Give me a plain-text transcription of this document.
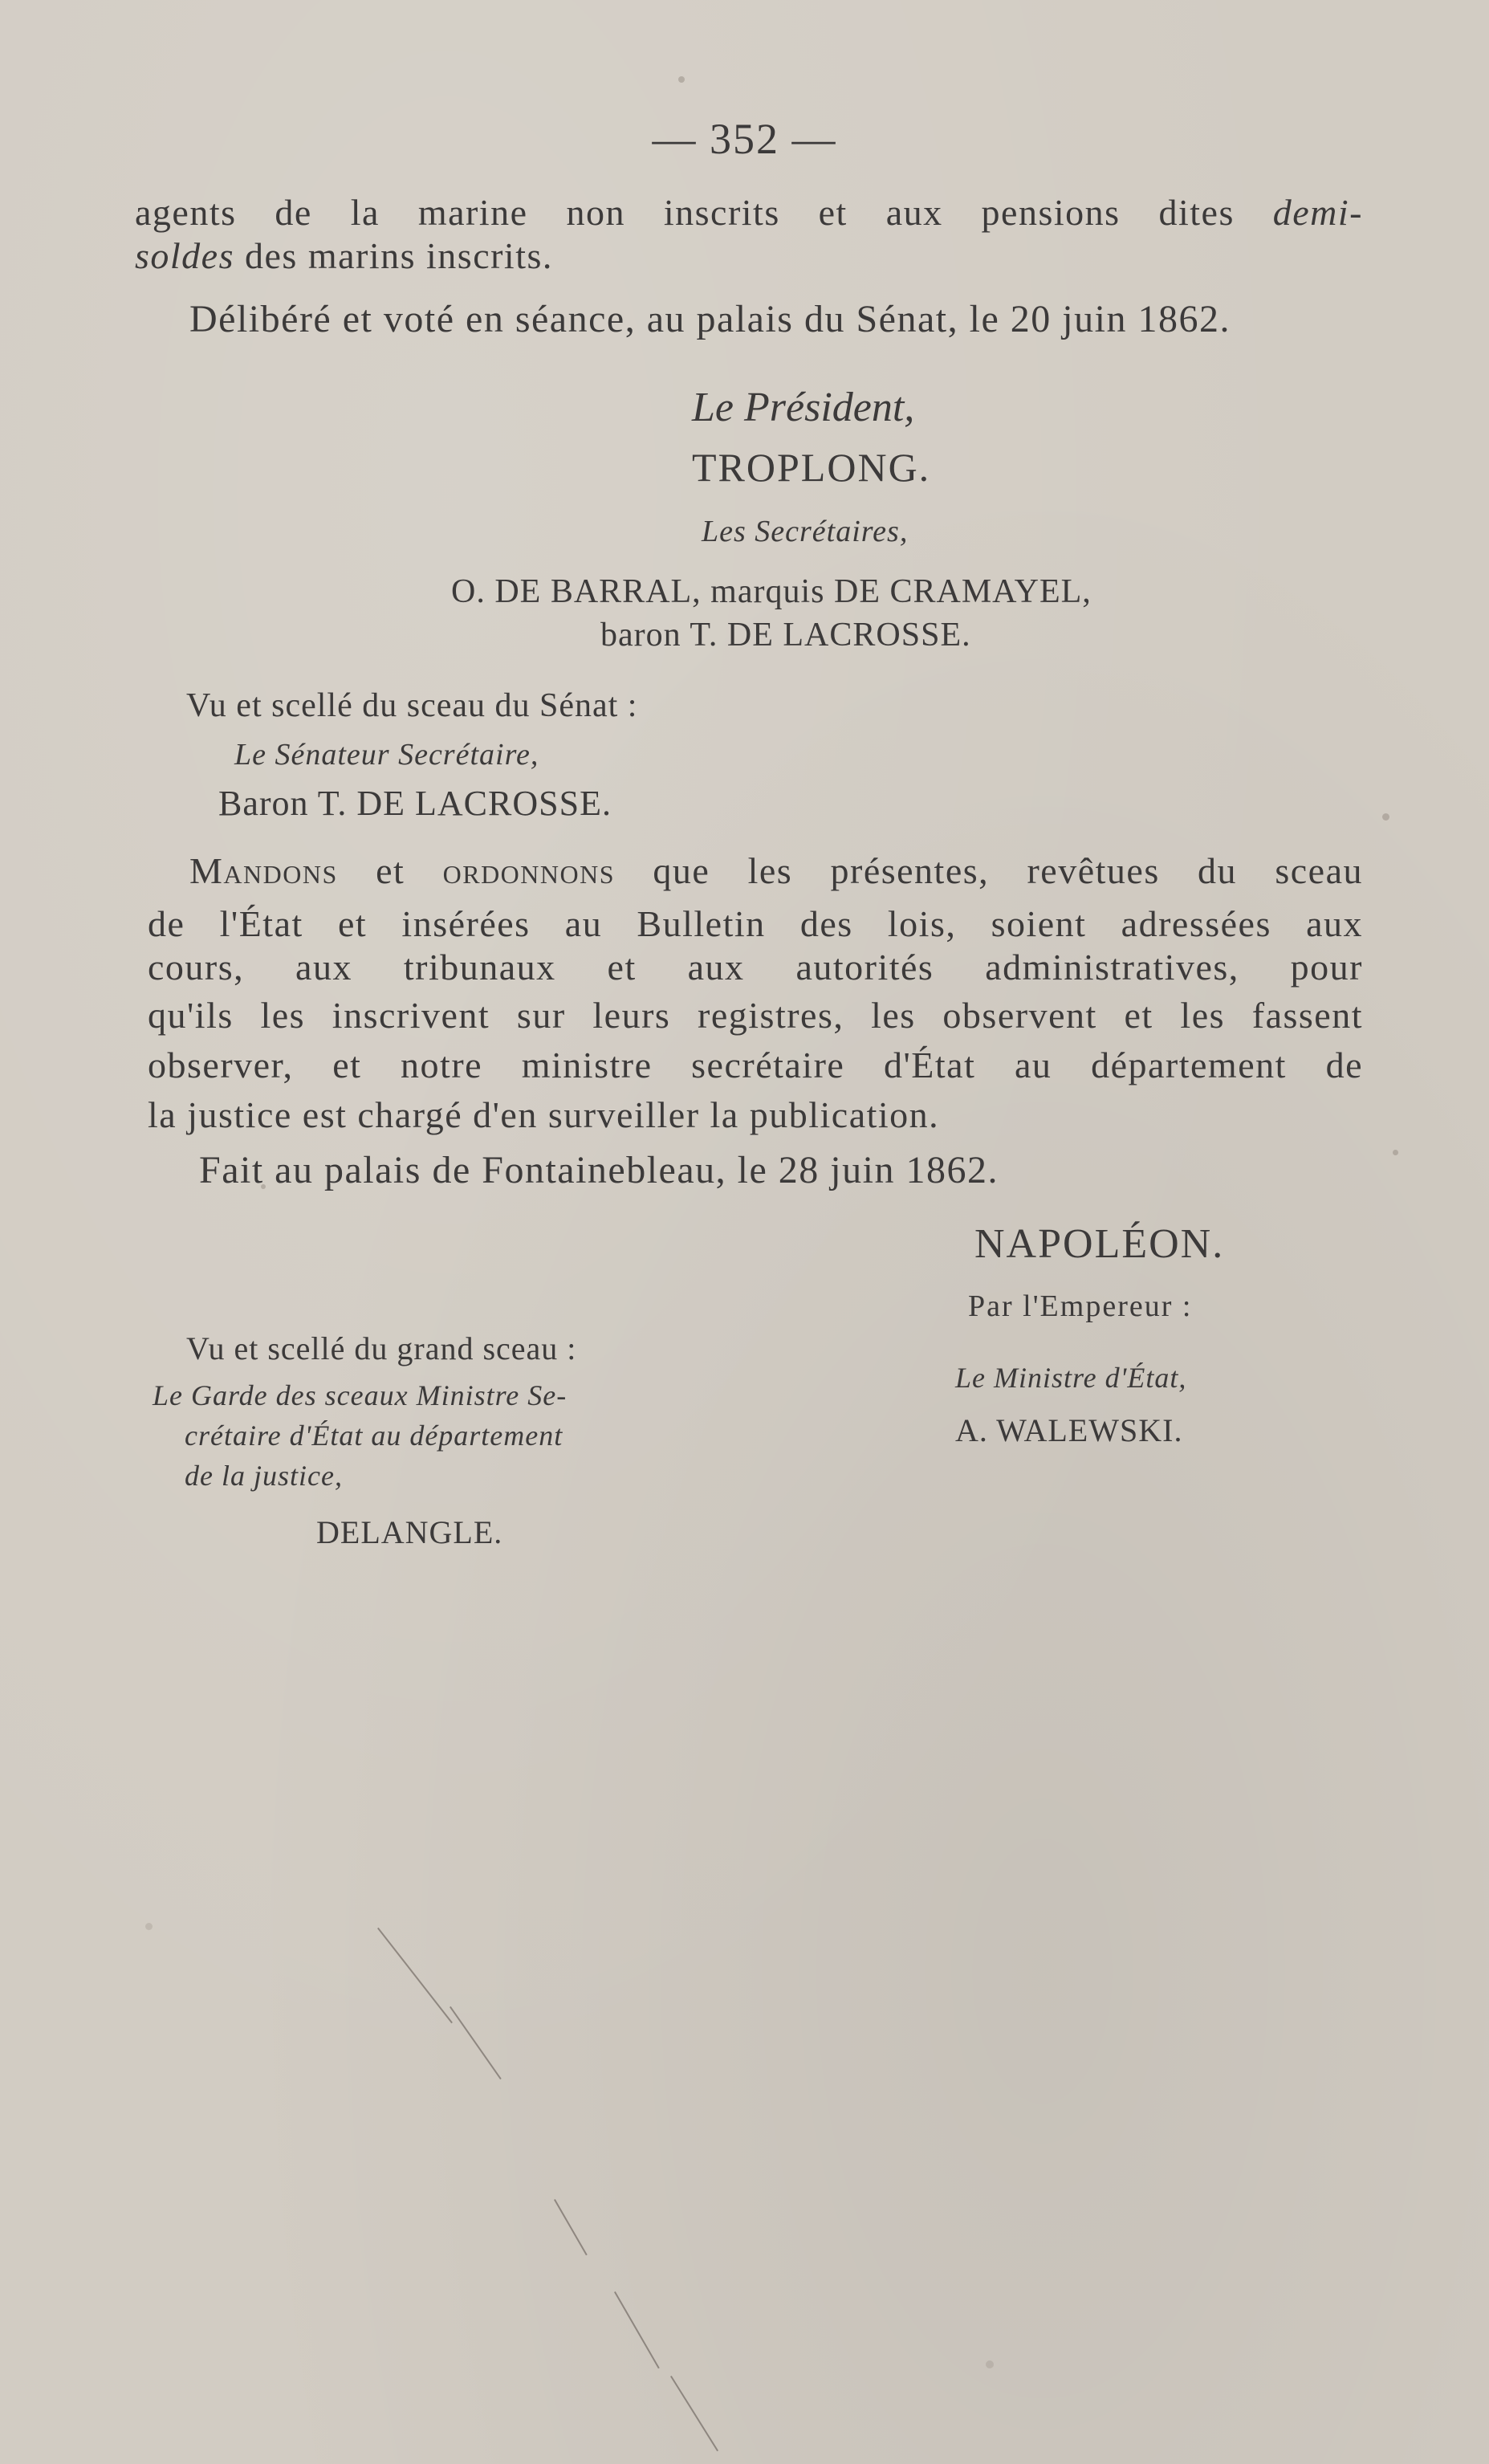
— 352 —
agents de la marine non inscrits et aux pensions dites demi-
soldes des marins inscrits.
Délibéré et voté en séance, au palais du Sénat, le 20 juin 1862.
Le Président,
TROPLONG.
Les Secrétaires,
O. DE BARRAL, marquis DE CRAMAYEL,
baron T. DE LACROSSE.
Vu et scellé du sceau du Sénat :
Le Sénateur Secrétaire,
Baron T. DE LACROSSE.
Mandons et ordonnons que les présentes, revêtues du sceau
de l'État et insérées au Bulletin des lois, soient adressées aux
cours, aux tribunaux et aux autorités administratives, pour
qu'ils les inscrivent sur leurs registres, les observent et les fassent
observer, et notre ministre secrétaire d'État au département de
la justice est chargé d'en surveiller la publication.
Fait au palais de Fontainebleau, le 28 juin 1862.
NAPOLÉON.
Par l'Empereur :
Le Ministre d'État,
A. WALEWSKI.
Vu et scellé du grand sceau :
Le Garde des sceaux Ministre Se-
crétaire d'État au département
de la justice,
DELANGLE.
